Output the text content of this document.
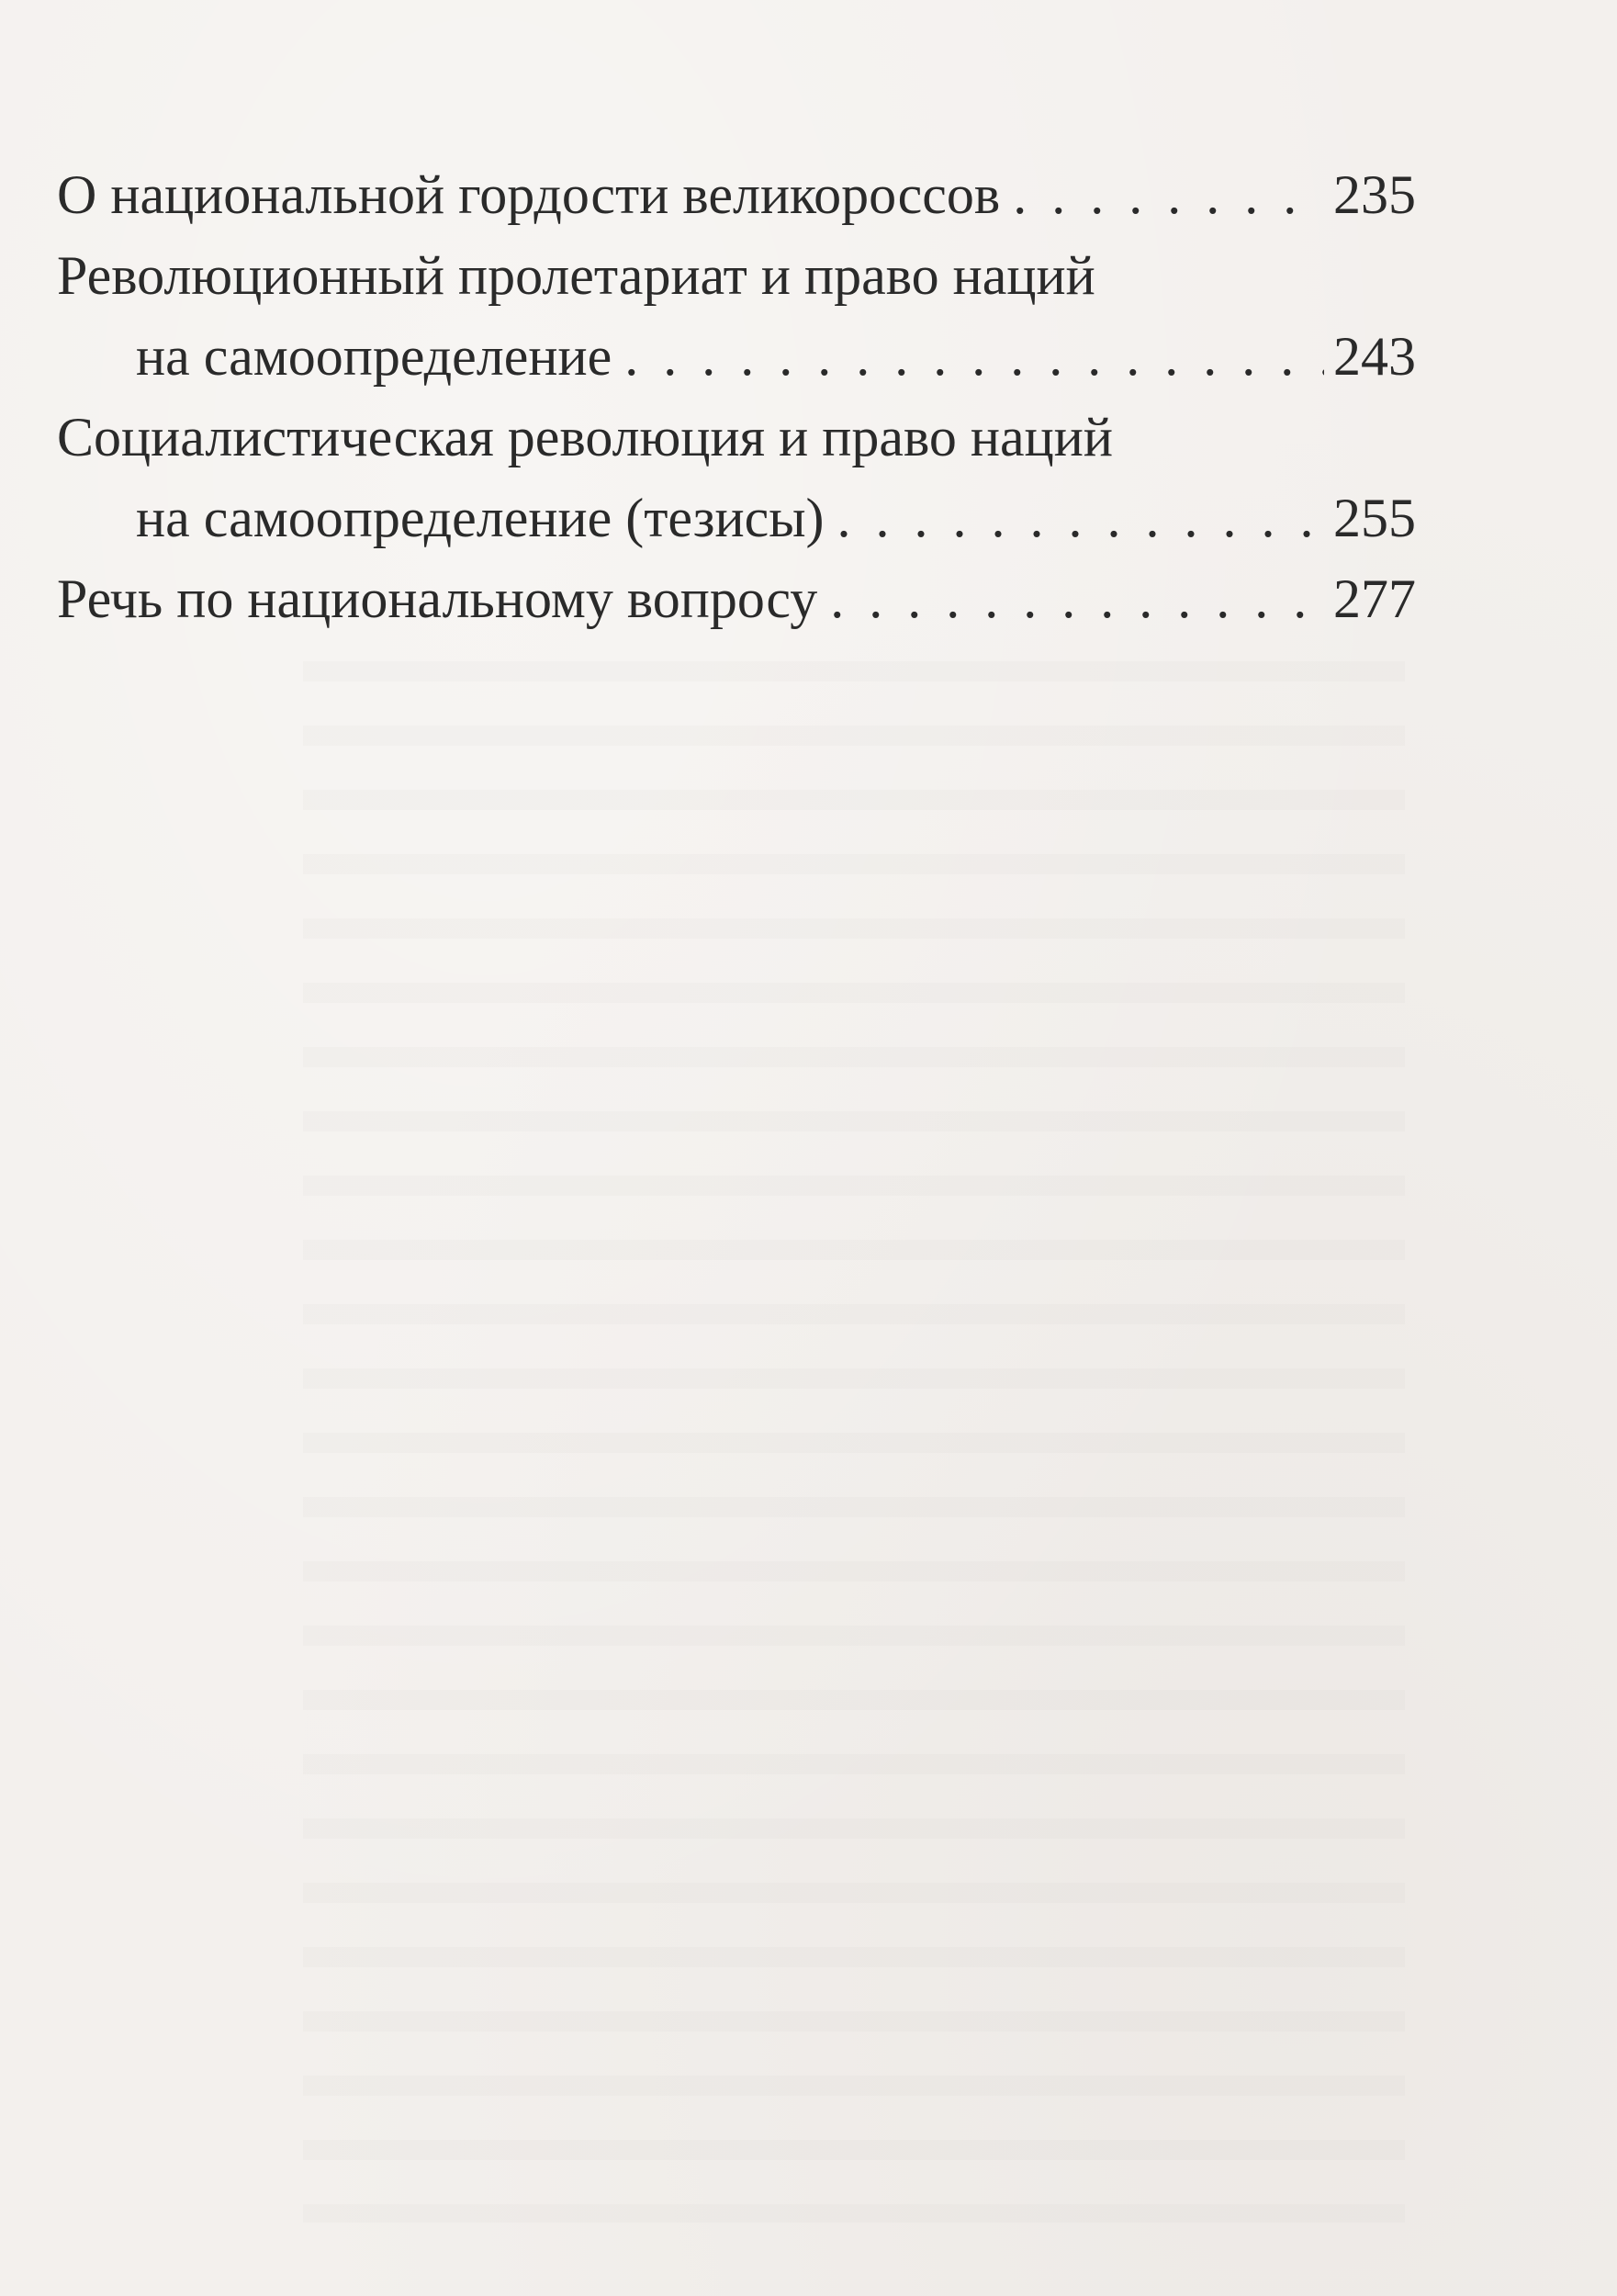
О национальной гордости великороссов . . .	235
Революционный пролетариат и право наций
на самоопределение . . .	243
Социалистическая революция и право наций
на самоопределение (тезисы) . . .	255
Речь по национальному вопросу . . .	277
